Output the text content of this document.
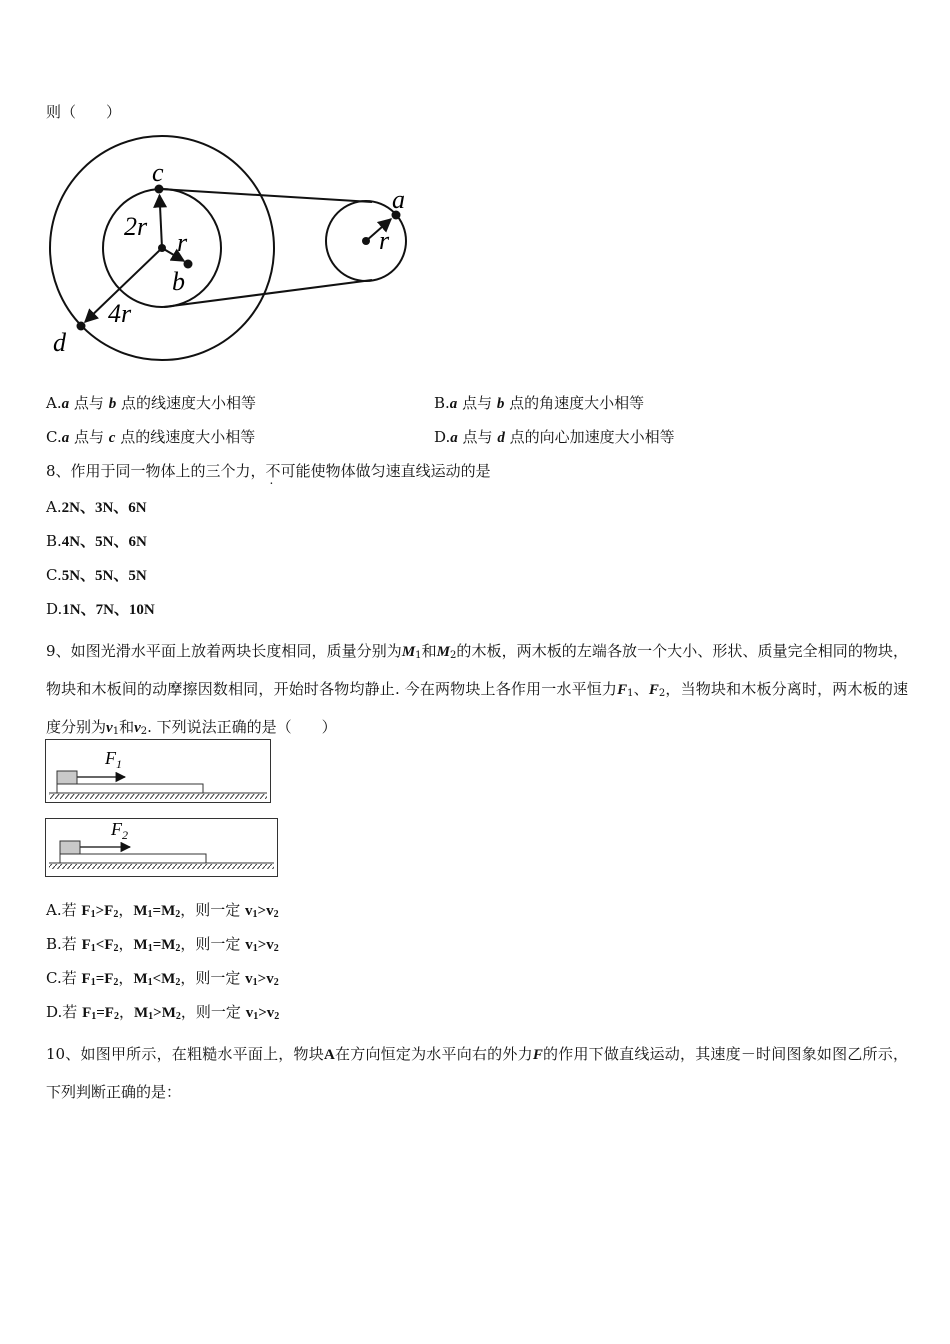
则（　　）
c
2r
r
b
4r
d
a
r
A.a 点与 b 点的线速度大小相等	B.a 点与 b 点的角速度大小相等
C.a 点与 c 点的线速度大小相等	D.a 点与 d 点的向心加速度大小相等
8、作用于同一物体上的三个力，不可能使物体做匀速直线运动的是
A.2N、3N、6N
B.4N、5N、6N
C.5N、5N、5N
D.1N、7N、10N
9、如图光滑水平面上放着两块长度相同，质量分别为$M_1$和$M_2$的木板，两木板的左端各放一个大小、形状、质量完全相同的物块，物块和木板间的动摩擦因数相同，开始时各物均静止. 今在两物块上各作用一水平恒力$F_1$、$F_2$，当物块和木板分离时，两木板的速度分别为$v_1$和$v_2$. 下列说法正确的是（　　）
$F_1$
$F_2$
A.若 $F_1>F_2$，$M_1=M_2$，则一定 $v_1>v_2$
B.若 $F_1<F_2$，$M_1=M_2$，则一定 $v_1>v_2$
C.若 $F_1=F_2$，$M_1<M_2$，则一定 $v_1>v_2$
D.若 $F_1=F_2$，$M_1>M_2$，则一定 $v_1>v_2$
10、如图甲所示，在粗糙水平面上，物块A在方向恒定为水平向右的外力F的作用下做直线运动，其速度－时间图象如图乙所示，下列判断正确的是：
